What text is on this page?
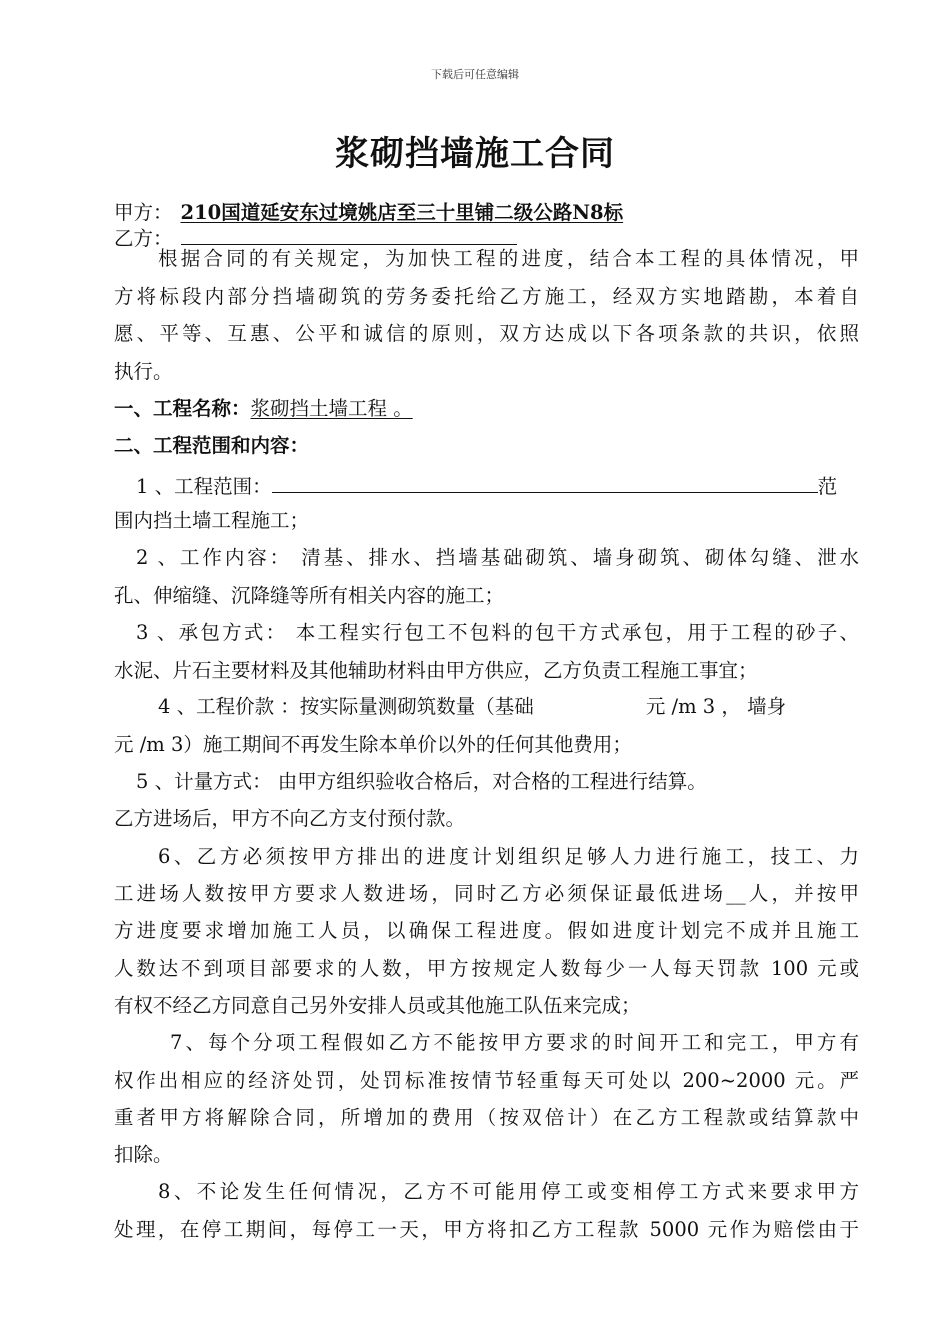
下载后可任意编辑
浆砌挡墙施工合同
甲方： 210国道延安东过境姚店至三十里铺二级公路N8标
乙方：
根据合同的有关规定，为加快工程的进度，结合本工程的具体情况，甲
方将标段内部分挡墙砌筑的劳务委托给乙方施工，经双方实地踏勘，本着自
愿、平等、互惠、公平和诚信的原则，双方达成以下各项条款的共识，依照
执行。
一、工程名称：浆砌挡土墙工程 。
二、工程范围和内容：
1 、工程范围：	范
围内挡土墙工程施工；
2 、工作内容： 清基、排水、挡墙基础砌筑、墙身砌筑、砌体勾缝、泄水
孔、伸缩缝、沉降缝等所有相关内容的施工；
3 、承包方式： 本工程实行包工不包料的包干方式承包，用于工程的砂子、
水泥、片石主要材料及其他辅助材料由甲方供应，乙方负责工程施工事宜；
4 、工程价款 ：按实际量测砌筑数量（基础	元 /m 3 ， 墙身
元 /m 3）施工期间不再发生除本单价以外的任何其他费用；
5 、计量方式： 由甲方组织验收合格后，对合格的工程进行结算。
乙方进场后，甲方不向乙方支付预付款。
6、乙方必须按甲方排出的进度计划组织足够人力进行施工，技工、力
工进场人数按甲方要求人数进场，同时乙方必须保证最低进场__人，并按甲
方进度要求增加施工人员，以确保工程进度。假如进度计划完不成并且施工
人数达不到项目部要求的人数，甲方按规定人数每少一人每天罚款 100 元或
有权不经乙方同意自己另外安排人员或其他施工队伍来完成；
7、每个分项工程假如乙方不能按甲方要求的时间开工和完工，甲方有
权作出相应的经济处罚，处罚标准按情节轻重每天可处以 200~2000 元。严
重者甲方将解除合同，所增加的费用（按双倍计）在乙方工程款或结算款中
扣除。
8、不论发生任何情况，乙方不可能用停工或变相停工方式来要求甲方
处理，在停工期间，每停工一天，甲方将扣乙方工程款 5000 元作为赔偿由于
